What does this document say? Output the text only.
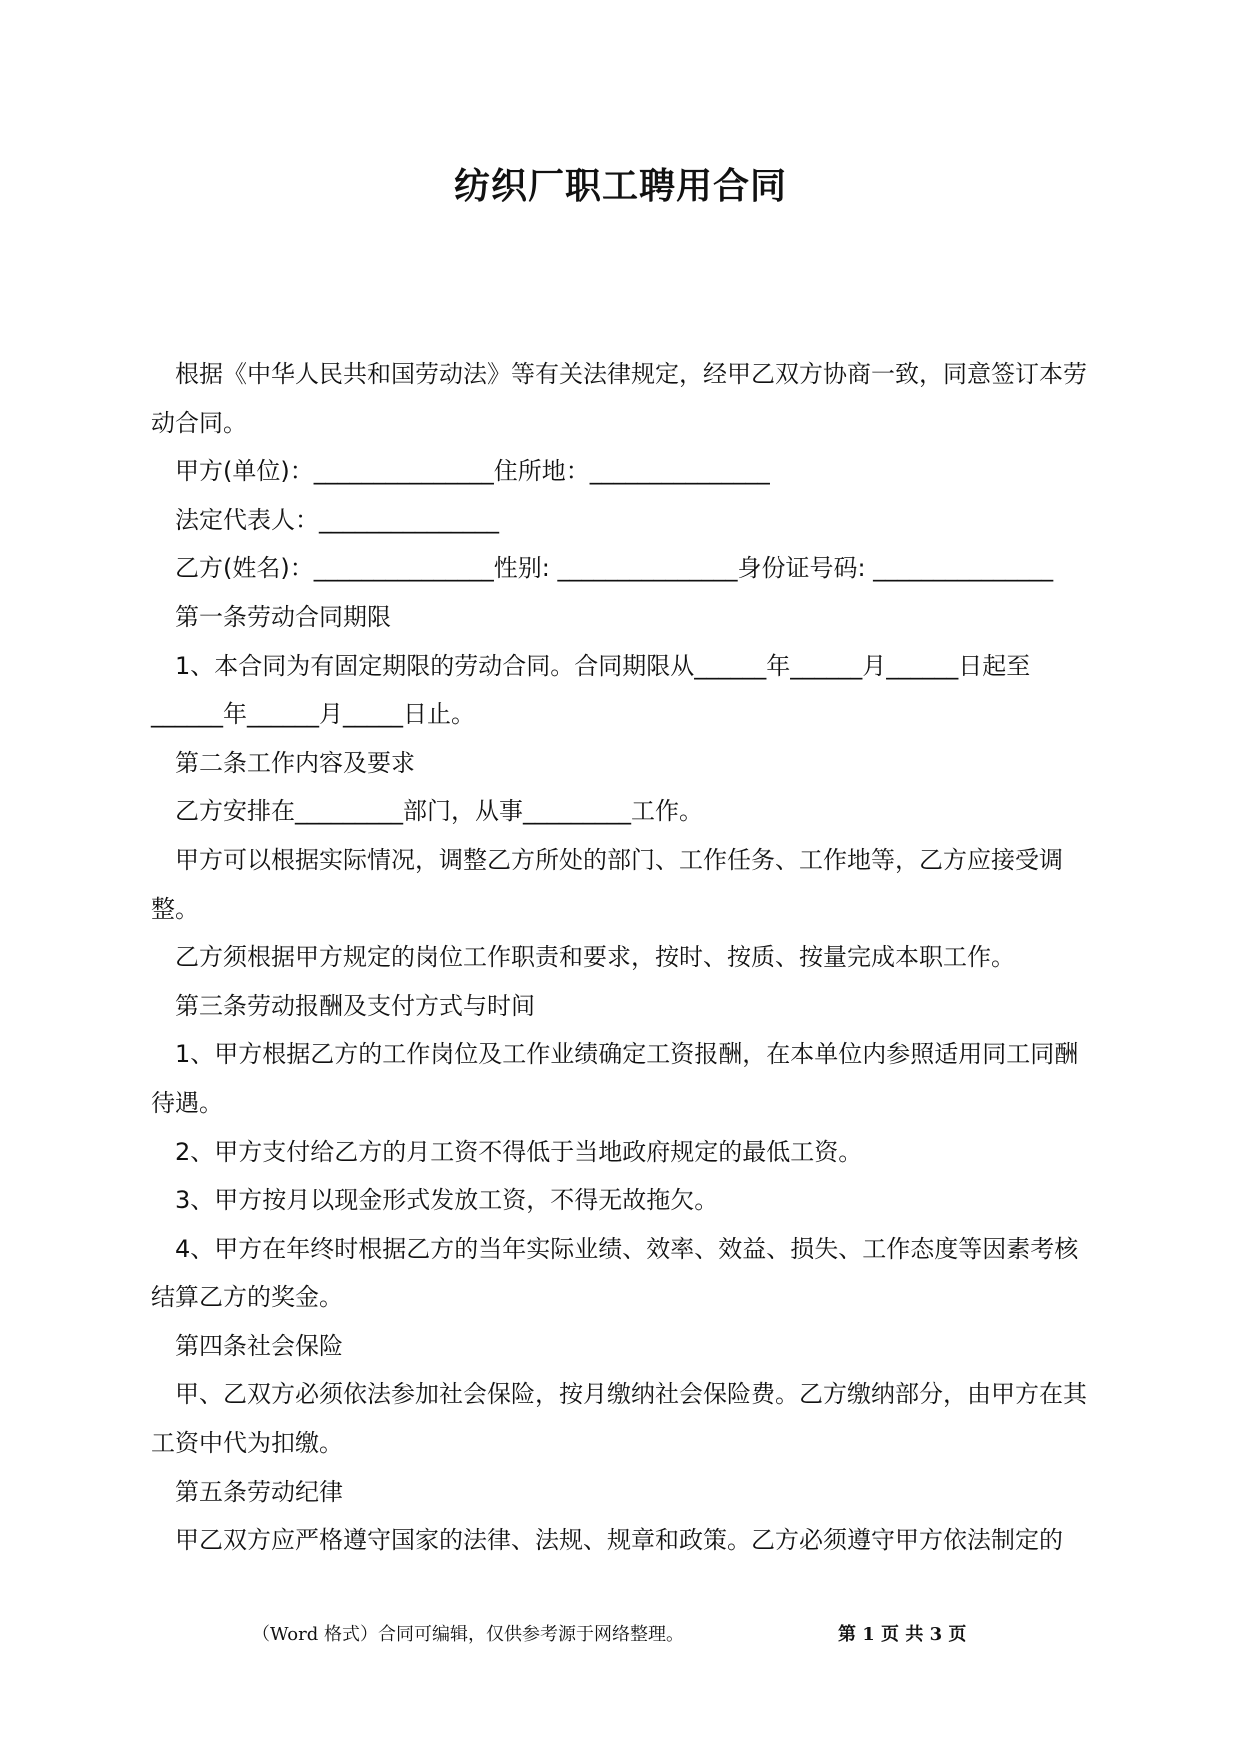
纺织厂职工聘用合同

根据《中华人民共和国劳动法》等有关法律规定，经甲乙双方协商一致，同意签订本劳动合同。

甲方(单位)：_______________住所地：_______________

法定代表人：_______________

乙方(姓名)：_______________性别: _______________身份证号码: _______________

第一条劳动合同期限

1、本合同为有固定期限的劳动合同。合同期限从______年______月______日起至______年______月_____日止。

第二条工作内容及要求

乙方安排在_________部门，从事_________工作。

甲方可以根据实际情况，调整乙方所处的部门、工作任务、工作地等，乙方应接受调整。

乙方须根据甲方规定的岗位工作职责和要求，按时、按质、按量完成本职工作。

第三条劳动报酬及支付方式与时间

1、甲方根据乙方的工作岗位及工作业绩确定工资报酬，在本单位内参照适用同工同酬待遇。

2、甲方支付给乙方的月工资不得低于当地政府规定的最低工资。

3、甲方按月以现金形式发放工资，不得无故拖欠。

4、甲方在年终时根据乙方的当年实际业绩、效率、效益、损失、工作态度等因素考核结算乙方的奖金。

第四条社会保险

甲、乙双方必须依法参加社会保险，按月缴纳社会保险费。乙方缴纳部分，由甲方在其工资中代为扣缴。

第五条劳动纪律

甲乙双方应严格遵守国家的法律、法规、规章和政策。乙方必须遵守甲方依法制定的

（Word 格式）合同可编辑，仅供参考源于网络整理。	第 1 页 共 3 页
